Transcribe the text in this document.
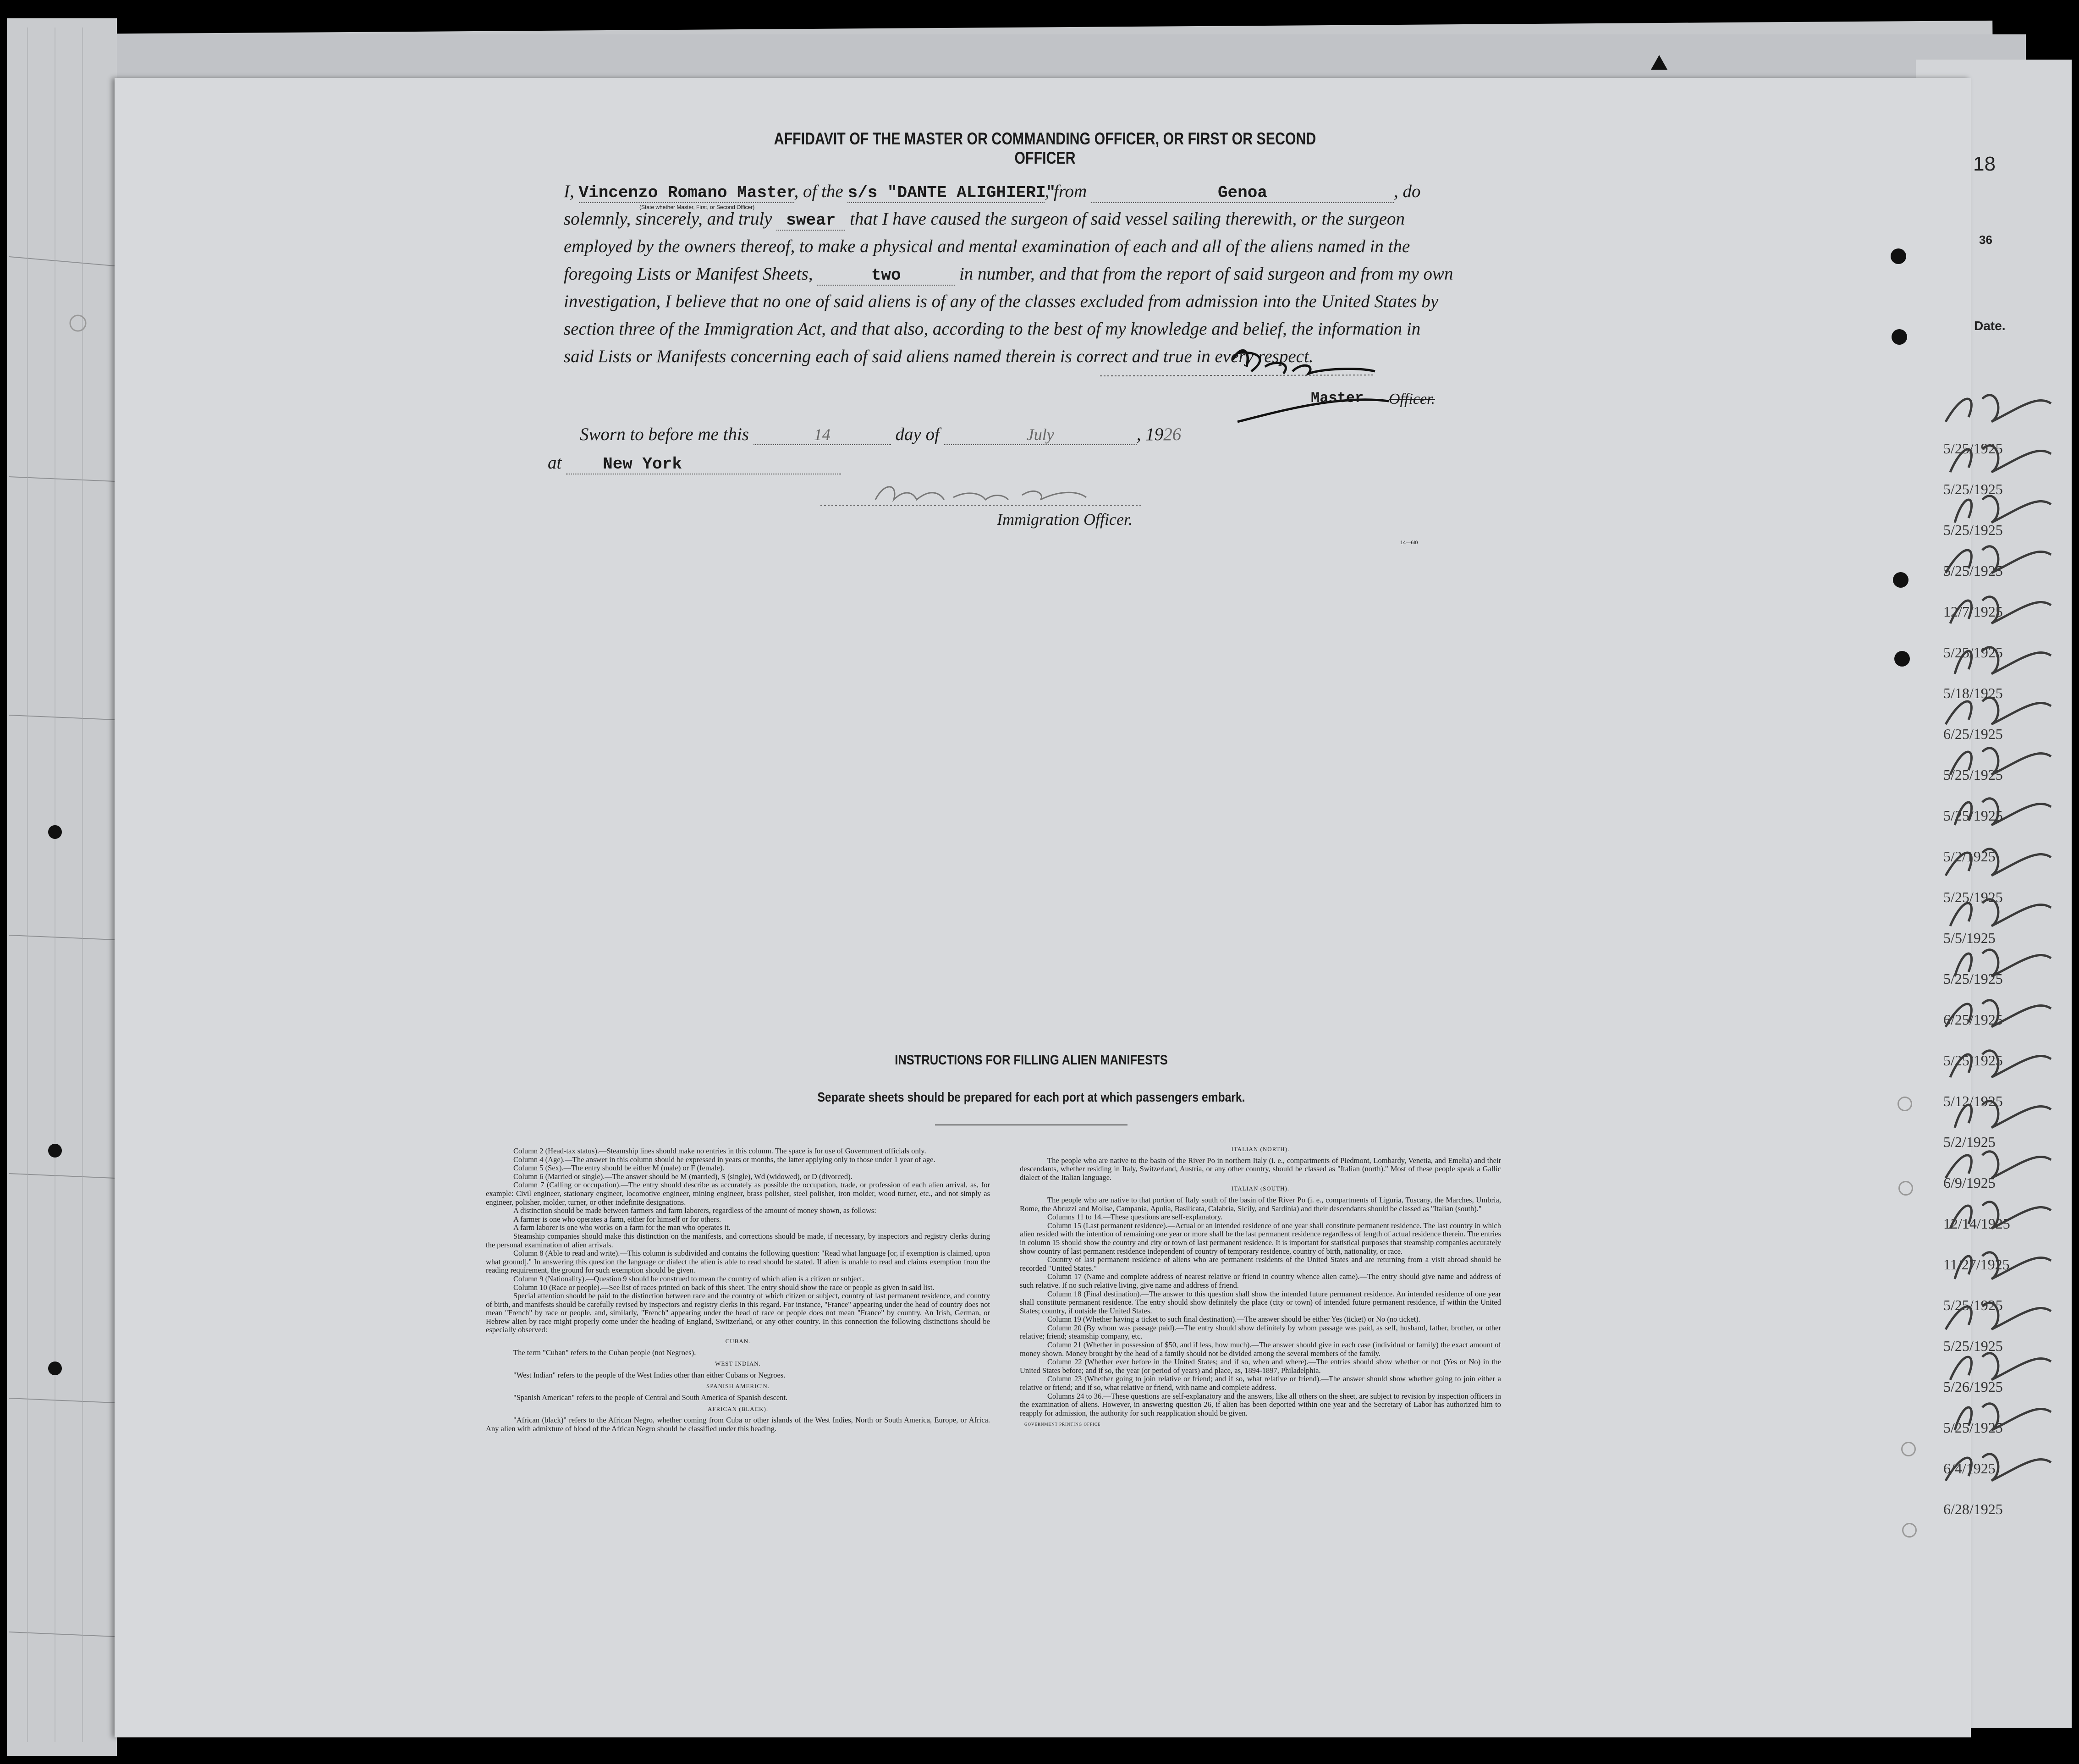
AFFIDAVIT OF THE MASTER OR COMMANDING OFFICER, OR FIRST OR SECOND OFFICER
I, Vincenzo Romano Master, of the s/s "DANTE ALIGHIERI", from	Genoa	, do
(State whether Master, First, or Second Officer)
solemnly, sincerely, and truly swear that I have caused the surgeon of said vessel sailing therewith, or the surgeon
employed by the owners thereof, to make a physical and mental examination of each and all of the aliens named in the
foregoing Lists or Manifest Sheets,	two	in number, and that from the report of said surgeon and from my own
investigation, I believe that no one of said aliens is of any of the classes excluded from admission into the United States by
section three of the Immigration Act, and that also, according to the best of my knowledge and belief, the information in
said Lists or Manifests concerning each of said aliens named therein is correct and true in every respect.
Master Officer.
Sworn to before me this	14	day of	July	, 1926
at New York
Immigration Officer.
14—6I0
18
36
Date.
5/25/1925
5/25/1925
5/25/1925
5/25/1925
12/7/1925
5/25/1925
5/18/1925
6/25/1925
5/25/1925
5/25/1925
5/2/1925
5/25/1925
5/5/1925
5/25/1925
6/25/1925
5/25/1925
5/12/1925
5/2/1925
6/9/1925
12/14/1925
11/27/1925
5/25/1925
5/25/1925
5/26/1925
5/25/1925
6/4/1925
6/28/1925
INSTRUCTIONS FOR FILLING ALIEN MANIFESTS
Separate sheets should be prepared for each port at which passengers embark.

Column 2 (Head-tax status).—Steamship lines should make no entries in this column. The space is for use of Government officials only.

Column 4 (Age).—The answer in this column should be expressed in years or months, the latter applying only to those under 1 year of age.

Column 5 (Sex).—The entry should be either M (male) or F (female).

Column 6 (Married or single).—The answer should be M (married), S (single), Wd (widowed), or D (divorced).

Column 7 (Calling or occupation).—The entry should describe as accurately as possible the occupation, trade, or profession of each alien arrival, as, for example: Civil engineer, stationary engineer, locomotive engineer, mining engineer, brass polisher, steel polisher, iron molder, wood turner, etc., and not simply as engineer, polisher, molder, turner, or other indefinite designations.

A distinction should be made between farmers and farm laborers, regardless of the amount of money shown, as follows:

A farmer is one who operates a farm, either for himself or for others.

A farm laborer is one who works on a farm for the man who operates it.

Steamship companies should make this distinction on the manifests, and corrections should be made, if necessary, by inspectors and registry clerks during the personal examination of alien arrivals.

Column 8 (Able to read and write).—This column is subdivided and contains the following question: "Read what language [or, if exemption is claimed, upon what ground]." In answering this question the language or dialect the alien is able to read should be stated. If alien is unable to read and claims exemption from the reading requirement, the ground for such exemption should be given.

Column 9 (Nationality).—Question 9 should be construed to mean the country of which alien is a citizen or subject.

Column 10 (Race or people).—See list of races printed on back of this sheet. The entry should show the race or people as given in said list.

Special attention should be paid to the distinction between race and the country of which citizen or subject, country of last permanent residence, and country of birth, and manifests should be carefully revised by inspectors and registry clerks in this regard. For instance, "France" appearing under the head of country does not mean "French" by race or people, and, similarly, "French" appearing under the head of race or people does not mean "France" by country. An Irish, German, or Hebrew alien by race might properly come under the heading of England, Switzerland, or any other country. In this connection the following distinctions should be especially observed:

CUBAN.

The term "Cuban" refers to the Cuban people (not Negroes).

WEST INDIAN.

"West Indian" refers to the people of the West Indies other than either Cubans or Negroes.

SPANISH AMERIC'N.

"Spanish American" refers to the people of Central and South America of Spanish descent.

AFRICAN (BLACK).

"African (black)" refers to the African Negro, whether coming from Cuba or other islands of the West Indies, North or South America, Europe, or Africa. Any alien with admixture of blood of the African Negro should be classified under this heading.

ITALIAN (NORTH).

The people who are native to the basin of the River Po in northern Italy (i. e., compartments of Piedmont, Lombardy, Venetia, and Emelia) and their descendants, whether residing in Italy, Switzerland, Austria, or any other country, should be classed as "Italian (north)." Most of these people speak a Gallic dialect of the Italian language.

ITALIAN (SOUTH).

The people who are native to that portion of Italy south of the basin of the River Po (i. e., compartments of Liguria, Tuscany, the Marches, Umbria, Rome, the Abruzzi and Molise, Campania, Apulia, Basilicata, Calabria, Sicily, and Sardinia) and their descendants should be classed as "Italian (south)."

Columns 11 to 14.—These questions are self-explanatory.

Column 15 (Last permanent residence).—Actual or an intended residence of one year shall constitute permanent residence. The last country in which alien resided with the intention of remaining one year or more shall be the last permanent residence regardless of length of actual residence therein. The entries in column 15 should show the country and city or town of last permanent residence. It is important for statistical purposes that steamship companies accurately show country of last permanent residence independent of country of temporary residence, country of birth, nationality, or race.

Country of last permanent residence of aliens who are permanent residents of the United States and are returning from a visit abroad should be recorded "United States."

Column 17 (Name and complete address of nearest relative or friend in country whence alien came).—The entry should give name and address of such relative. If no such relative living, give name and address of friend.

Column 18 (Final destination).—The answer to this question shall show the intended future permanent residence. An intended residence of one year shall constitute permanent residence. The entry should show definitely the place (city or town) of intended future permanent residence, if within the United States; country, if outside the United States.

Column 19 (Whether having a ticket to such final destination).—The answer should be either Yes (ticket) or No (no ticket).

Column 20 (By whom was passage paid).—The entry should show definitely by whom passage was paid, as self, husband, father, brother, or other relative; friend; steamship company, etc.

Column 21 (Whether in possession of $50, and if less, how much).—The answer should give in each case (individual or family) the exact amount of money shown. Money brought by the head of a family should not be divided among the several members of the family.

Column 22 (Whether ever before in the United States; and if so, when and where).—The entries should show whether or not (Yes or No) in the United States before; and if so, the year (or period of years) and place, as, 1894-1897, Philadelphia.

Column 23 (Whether going to join relative or friend; and if so, what relative or friend).—The answer should show whether going to join either a relative or friend; and if so, what relative or friend, with name and complete address.

Columns 24 to 36.—These questions are self-explanatory and the answers, like all others on the sheet, are subject to revision by inspection officers in the examination of aliens. However, in answering question 26, if alien has been deported within one year and the Secretary of Labor has authorized him to reapply for admission, the authority for such reapplication should be given.

GOVERNMENT PRINTING OFFICE
